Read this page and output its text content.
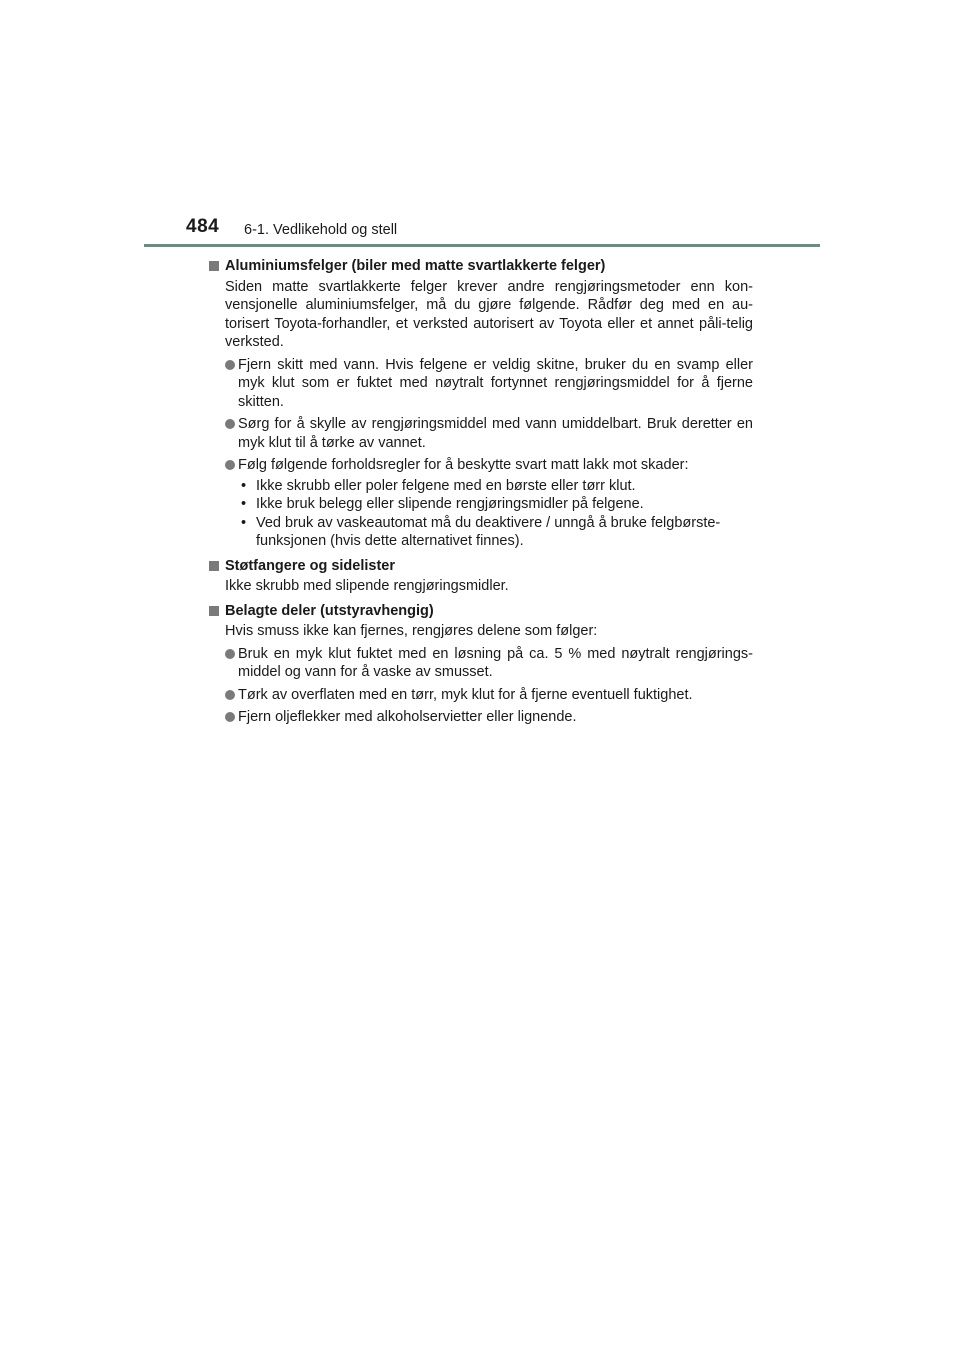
484 6-1. Vedlikehold og stell
Aluminiumsfelger (biler med matte svartlakkerte felger)
Siden matte svartlakkerte felger krever andre rengjøringsmetoder enn kon-vensjonelle aluminiumsfelger, må du gjøre følgende. Rådfør deg med en au-torisert Toyota-forhandler, et verksted autorisert av Toyota eller et annet påli-telig verksted.
Fjern skitt med vann. Hvis felgene er veldig skitne, bruker du en svamp eller myk klut som er fuktet med nøytralt fortynnet rengjøringsmiddel for å fjerne skitten.
Sørg for å skylle av rengjøringsmiddel med vann umiddelbart. Bruk deretter en myk klut til å tørke av vannet.
Følg følgende forholdsregler for å beskytte svart matt lakk mot skader:
• Ikke skrubb eller poler felgene med en børste eller tørr klut.
• Ikke bruk belegg eller slipende rengjøringsmidler på felgene.
• Ved bruk av vaskeautomat må du deaktivere / unngå å bruke felgbørste-funksjonen (hvis dette alternativet finnes).
Støtfangere og sidelister
Ikke skrubb med slipende rengjøringsmidler.
Belagte deler (utstyravhengig)
Hvis smuss ikke kan fjernes, rengjøres delene som følger:
Bruk en myk klut fuktet med en løsning på ca. 5 % med nøytralt rengjørings-middel og vann for å vaske av smusset.
Tørk av overflaten med en tørr, myk klut for å fjerne eventuell fuktighet.
Fjern oljeflekker med alkoholservietter eller lignende.
